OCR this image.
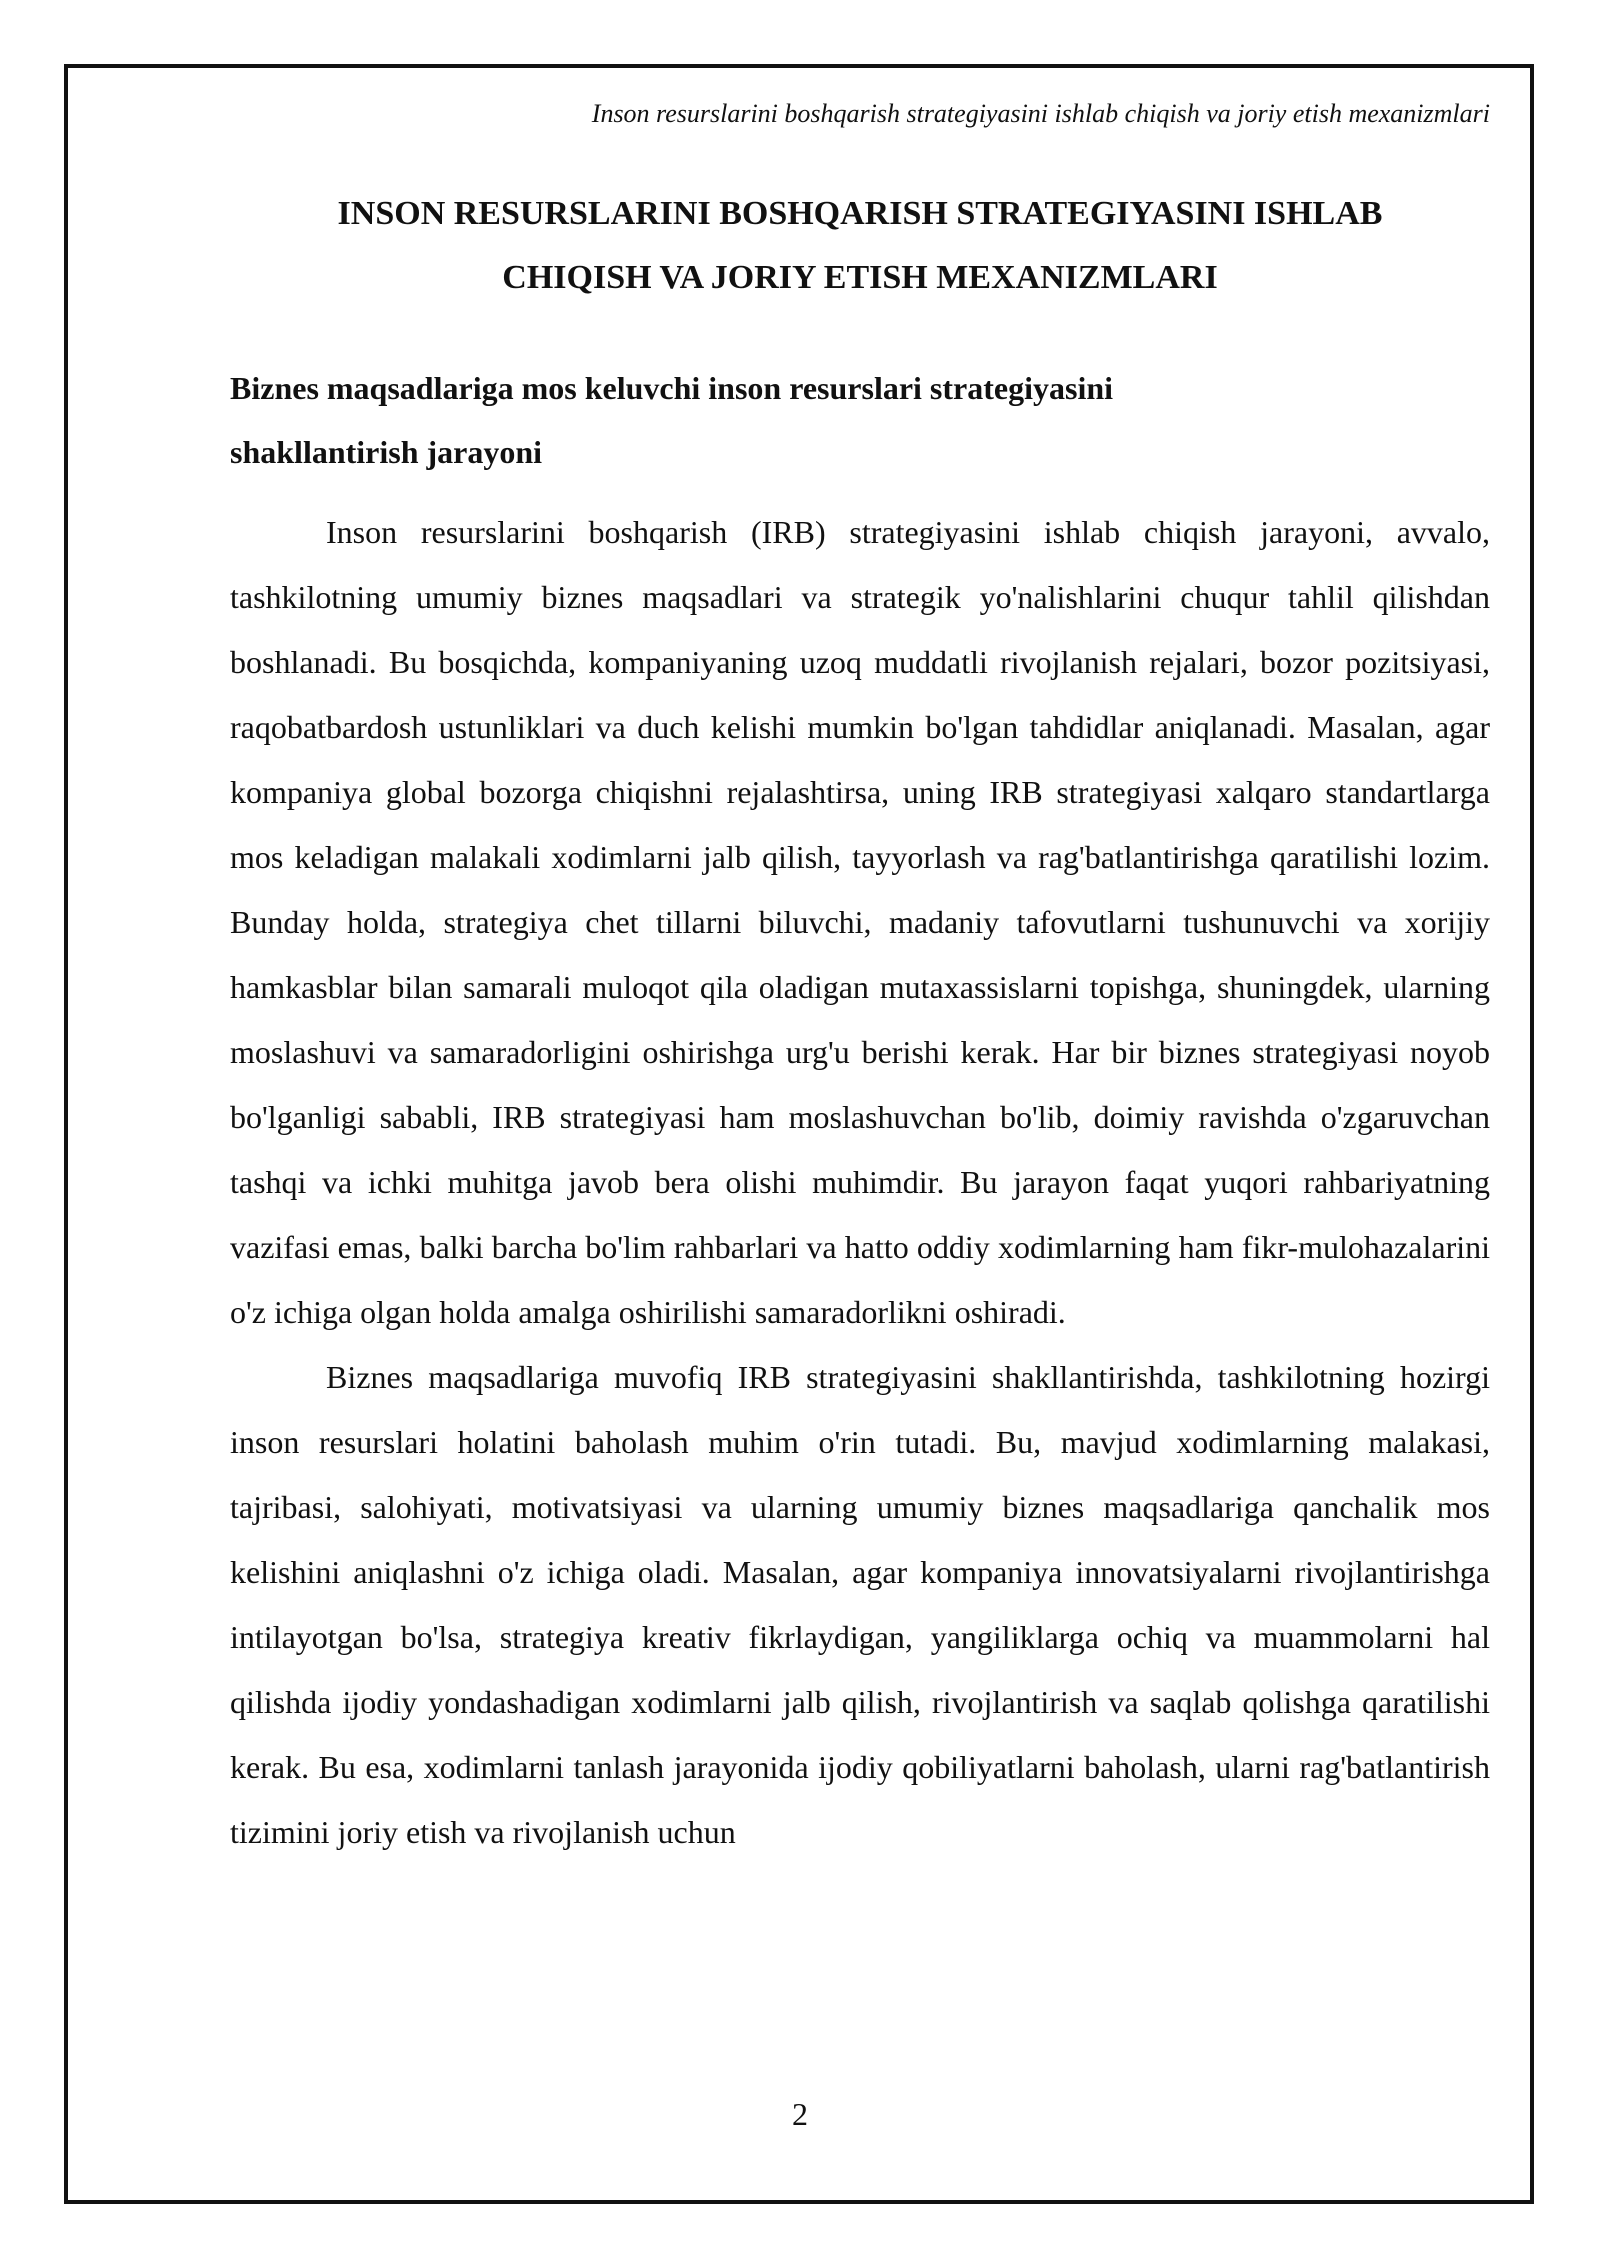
Inson resurslarini boshqarish strategiyasini ishlab chiqish va joriy etish mexanizmlari
INSON RESURSLARINI BOSHQARISH STRATEGIYASINI ISHLAB
CHIQISH VA JORIY ETISH MEXANIZMLARI
Biznes maqsadlariga mos keluvchi inson resurslari strategiyasini
shakllantirish jarayoni

Inson resurslarini boshqarish (IRB) strategiyasini ishlab chiqish jarayoni, avvalo, tashkilotning umumiy biznes maqsadlari va strategik yo'nalishlarini chuqur tahlil qilishdan boshlanadi. Bu bosqichda, kompaniyaning uzoq muddatli rivojlanish rejalari, bozor pozitsiyasi, raqobatbardosh ustunliklari va duch kelishi mumkin bo'lgan tahdidlar aniqlanadi. Masalan, agar kompaniya global bozorga chiqishni rejalashtirsa, uning IRB strategiyasi xalqaro standartlarga mos keladigan malakali xodimlarni jalb qilish, tayyorlash va rag'batlantirishga qaratilishi lozim. Bunday holda, strategiya chet tillarni biluvchi, madaniy tafovutlarni tushunuvchi va xorijiy hamkasblar bilan samarali muloqot qila oladigan mutaxassislarni topishga, shuningdek, ularning moslashuvi va samaradorligini oshirishga urg'u berishi kerak. Har bir biznes strategiyasi noyob bo'lganligi sababli, IRB strategiyasi ham moslashuvchan bo'lib, doimiy ravishda o'zgaruvchan tashqi va ichki muhitga javob bera olishi muhimdir. Bu jarayon faqat yuqori rahbariyatning vazifasi emas, balki barcha bo'lim rahbarlari va hatto oddiy xodimlarning ham fikr-mulohazalarini o'z ichiga olgan holda amalga oshirilishi samaradorlikni oshiradi.

Biznes maqsadlariga muvofiq IRB strategiyasini shakllantirishda, tashkilotning hozirgi inson resurslari holatini baholash muhim o'rin tutadi. Bu, mavjud xodimlarning malakasi, tajribasi, salohiyati, motivatsiyasi va ularning umumiy biznes maqsadlariga qanchalik mos kelishini aniqlashni o'z ichiga oladi. Masalan, agar kompaniya innovatsiyalarni rivojlantirishga intilayotgan bo'lsa, strategiya kreativ fikrlaydigan, yangiliklarga ochiq va muammolarni hal qilishda ijodiy yondashadigan xodimlarni jalb qilish, rivojlantirish va saqlab qolishga qaratilishi kerak. Bu esa, xodimlarni tanlash jarayonida ijodiy qobiliyatlarni baholash, ularni rag'batlantirish tizimini joriy etish va rivojlanish uchun

2
